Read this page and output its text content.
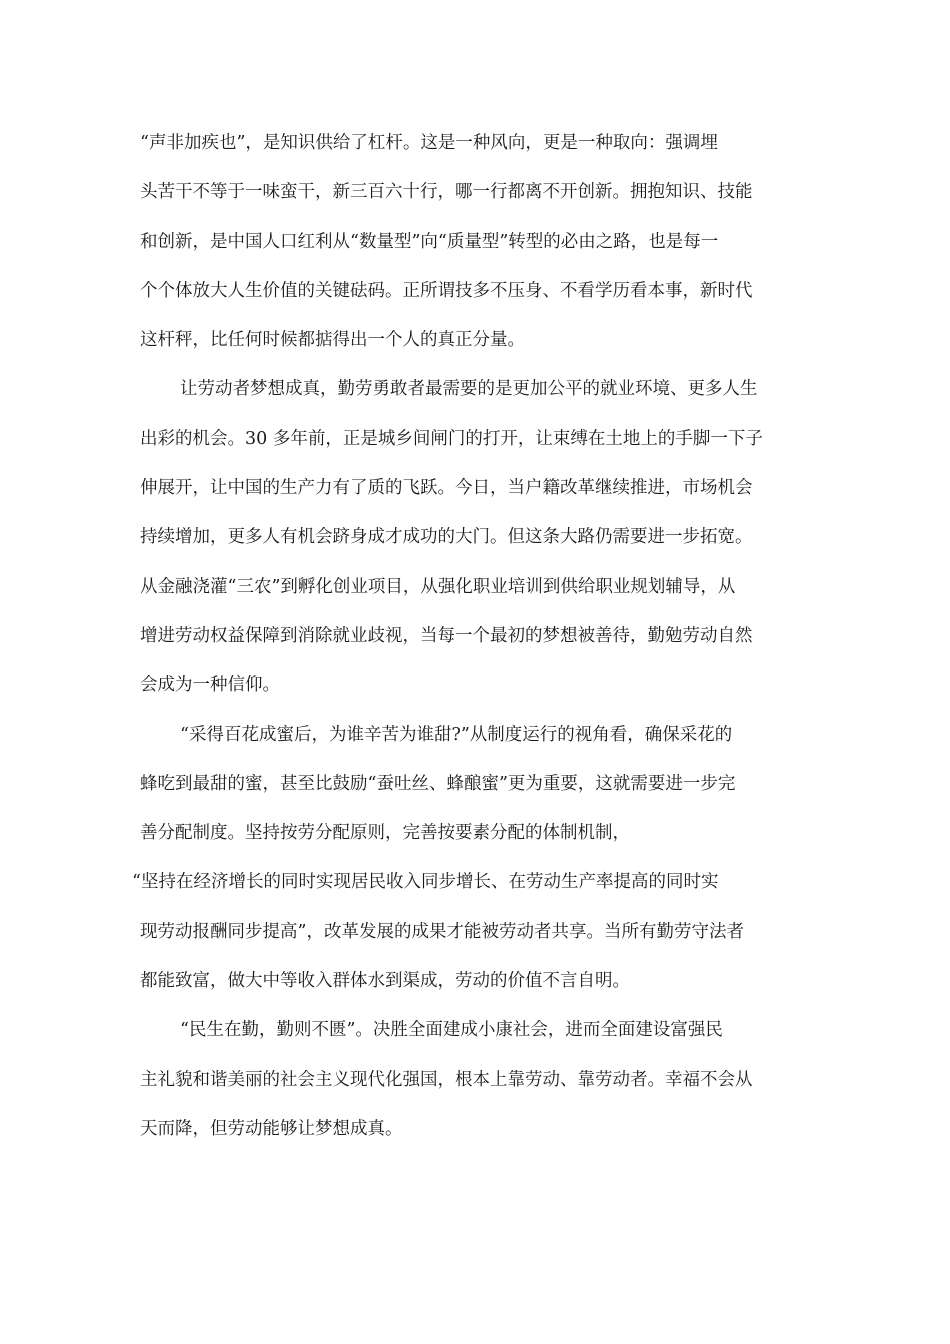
“声非加疾也”，是知识供给了杠杆。这是一种风向，更是一种取向：强调埋
头苦干不等于一味蛮干，新三百六十行，哪一行都离不开创新。拥抱知识、技能
和创新，是中国人口红利从“数量型”向“质量型”转型的必由之路，也是每一
个个体放大人生价值的关键砝码。正所谓技多不压身、不看学历看本事，新时代
这杆秤，比任何时候都掂得出一个人的真正分量。
让劳动者梦想成真，勤劳勇敢者最需要的是更加公平的就业环境、更多人生
出彩的机会。30 多年前，正是城乡间闸门的打开，让束缚在土地上的手脚一下子
伸展开，让中国的生产力有了质的飞跃。今日，当户籍改革继续推进，市场机会
持续增加，更多人有机会跻身成才成功的大门。但这条大路仍需要进一步拓宽。
从金融浇灌“三农”到孵化创业项目，从强化职业培训到供给职业规划辅导，从
增进劳动权益保障到消除就业歧视，当每一个最初的梦想被善待，勤勉劳动自然
会成为一种信仰。
“采得百花成蜜后，为谁辛苦为谁甜?”从制度运行的视角看，确保采花的
蜂吃到最甜的蜜，甚至比鼓励“蚕吐丝、蜂酿蜜”更为重要，这就需要进一步完
善分配制度。坚持按劳分配原则，完善按要素分配的体制机制，
“坚持在经济增长的同时实现居民收入同步增长、在劳动生产率提高的同时实
现劳动报酬同步提高”，改革发展的成果才能被劳动者共享。当所有勤劳守法者
都能致富，做大中等收入群体水到渠成，劳动的价值不言自明。
“民生在勤，勤则不匮”。决胜全面建成小康社会，进而全面建设富强民
主礼貌和谐美丽的社会主义现代化强国，根本上靠劳动、靠劳动者。幸福不会从
天而降，但劳动能够让梦想成真。
